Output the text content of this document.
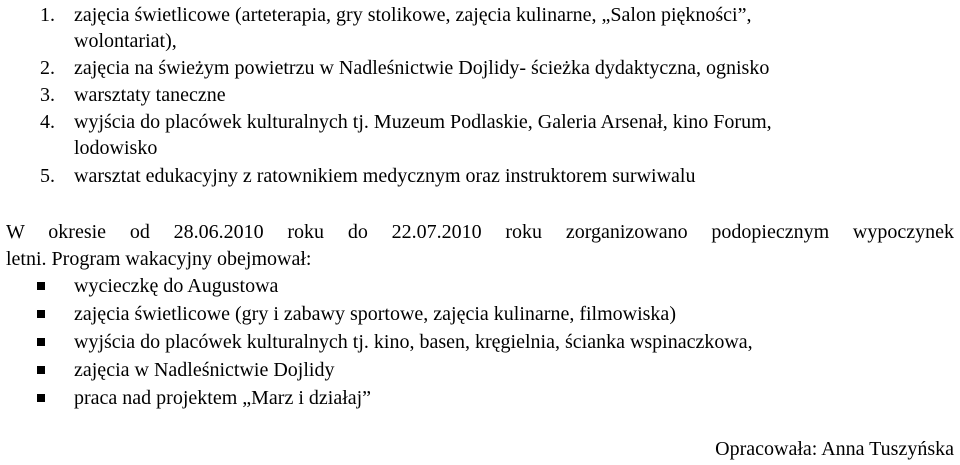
1. zajęcia świetlicowe (arteterapia, gry stolikowe, zajęcia kulinarne, „Salon piękności”,
wolontariat),
2. zajęcia na świeżym powietrzu w Nadleśnictwie Dojlidy- ścieżka dydaktyczna, ognisko
3. warsztaty taneczne
4. wyjścia do placówek kulturalnych tj. Muzeum Podlaskie, Galeria Arsenał, kino Forum,
lodowisko
5. warsztat edukacyjny z ratownikiem medycznym oraz instruktorem surwiwalu
W okresie od 28.06.2010 roku do 22.07.2010 roku zorganizowano podopiecznym wypoczynek
letni. Program wakacyjny obejmował:
wycieczkę do Augustowa
zajęcia świetlicowe (gry i zabawy sportowe, zajęcia kulinarne, filmowiska)
wyjścia do placówek kulturalnych tj. kino, basen, kręgielnia, ścianka wspinaczkowa,
zajęcia w Nadleśnictwie Dojlidy
praca nad projektem „Marz i działaj”
Opracowała: Anna Tuszyńska
